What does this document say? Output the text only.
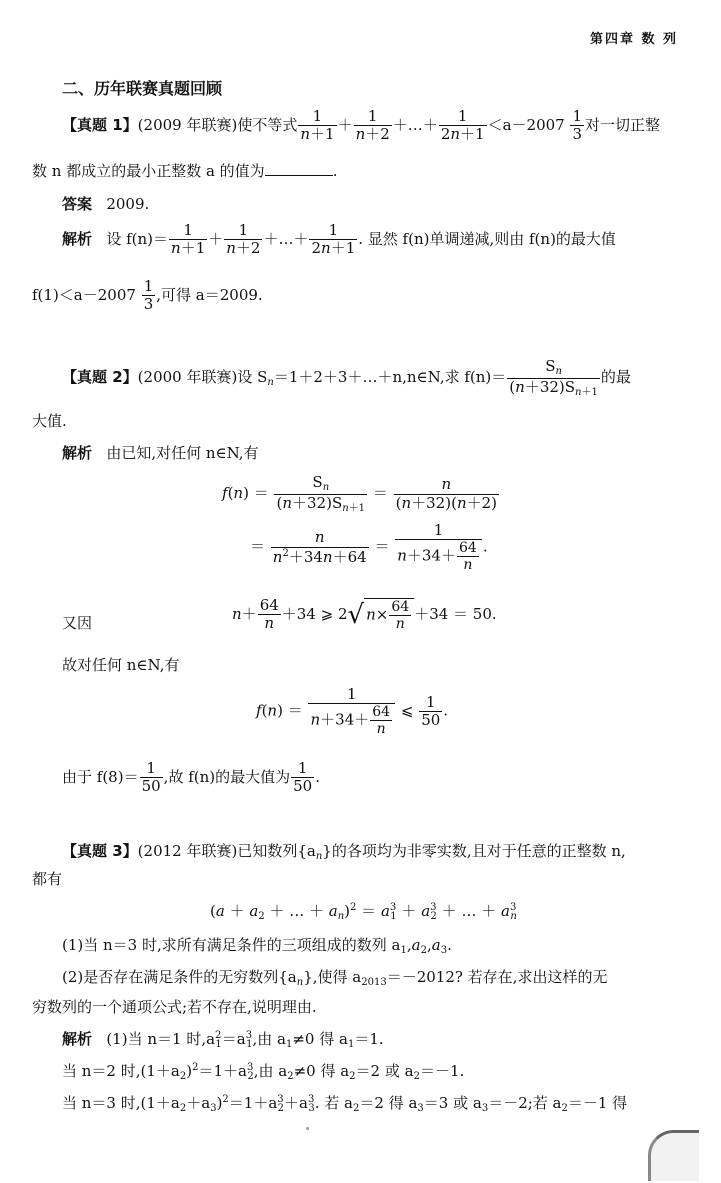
第四章 数 列
二、历年联赛真题回顾
【真题 1】(2009 年联赛)使不等式 $\frac{1}{n+1} + \frac{1}{n+2}$ ＋…＋ $\frac{1}{2n+1} <a-2007 \frac{1}{3}$ 对一切正整
数 n 都成立的最小正整数 a 的值为	.
答案 2009.
解析 设 $f(n)= \frac{1}{n+1} + \frac{1}{n+2}$ ＋…＋ $\frac{1}{2n+1}$ . 显然 f(n)单调递减,则由 f(n)的最大值
$f(1)<a-2007 \frac{1}{3}$ ,可得 a＝2009.
【真题 2】(2000 年联赛)设 $S_n=1+2+3+\dots+n,n\in N$,求 $f(n)= \frac{S_n}{(n+32)S_{n+1}}$ 的最
大值.
解析 由已知,对任何 n∈N,有
$f(n) = \frac{S_n}{(n+32)S_{n+1}} = \frac{n}{(n+32)(n+2)}$
＝ $\frac{n}{n^2+34n+64} = \frac{1}{n+34+ \frac{64}{n}}$ .
又因
$n+ \frac{64}{n} +34$ ⩾ 2√ $n\times \frac{64}{n} +34 = 50$.
故对任何 n∈N,有
$f(n) = \frac{1}{n+34+ \frac{64}{n}}$ ⩽ $\frac{1}{50}$ .
由于 $f(8)= \frac{1}{50}$ ,故 f(n)的最大值为 $\frac{1}{50}$ .
【真题 3】(2012 年联赛)已知数列$\{a_n\}$的各项均为非零实数,且对于任意的正整数 n,
都有
($a + a_2$ ＋ … ＋ $a_n)^2 = a^3_1 + a^3_2$ ＋ … ＋ $a^3_n$
(1)当 n＝3 时,求所有满足条件的三项组成的数列 $a_1,a_2,a_3$.
(2)是否存在满足条件的无穷数列$\{a_n\}$,使得 $a_{2013}=-2012$? 若存在,求出这样的无
穷数列的一个通项公式;若不存在,说明理由.
解析 (1)当 n＝1 时$,a^2_1=a^3_1$,由 $a_1\ne 0$ 得 $a_1=1$.
当 n＝2 时$,(1+a_2)^2=1+a^3_2$,由 $a_2\ne 0$ 得 $a_2=2$ 或 $a_2=-1$.
当 n＝3 时$,(1+a_2+a_3)^2=1+a^3_2+a^3_3$. 若 $a_2=2$ 得 $a_3=3$ 或 $a_3=-2$;若 $a_2=-1$ 得
